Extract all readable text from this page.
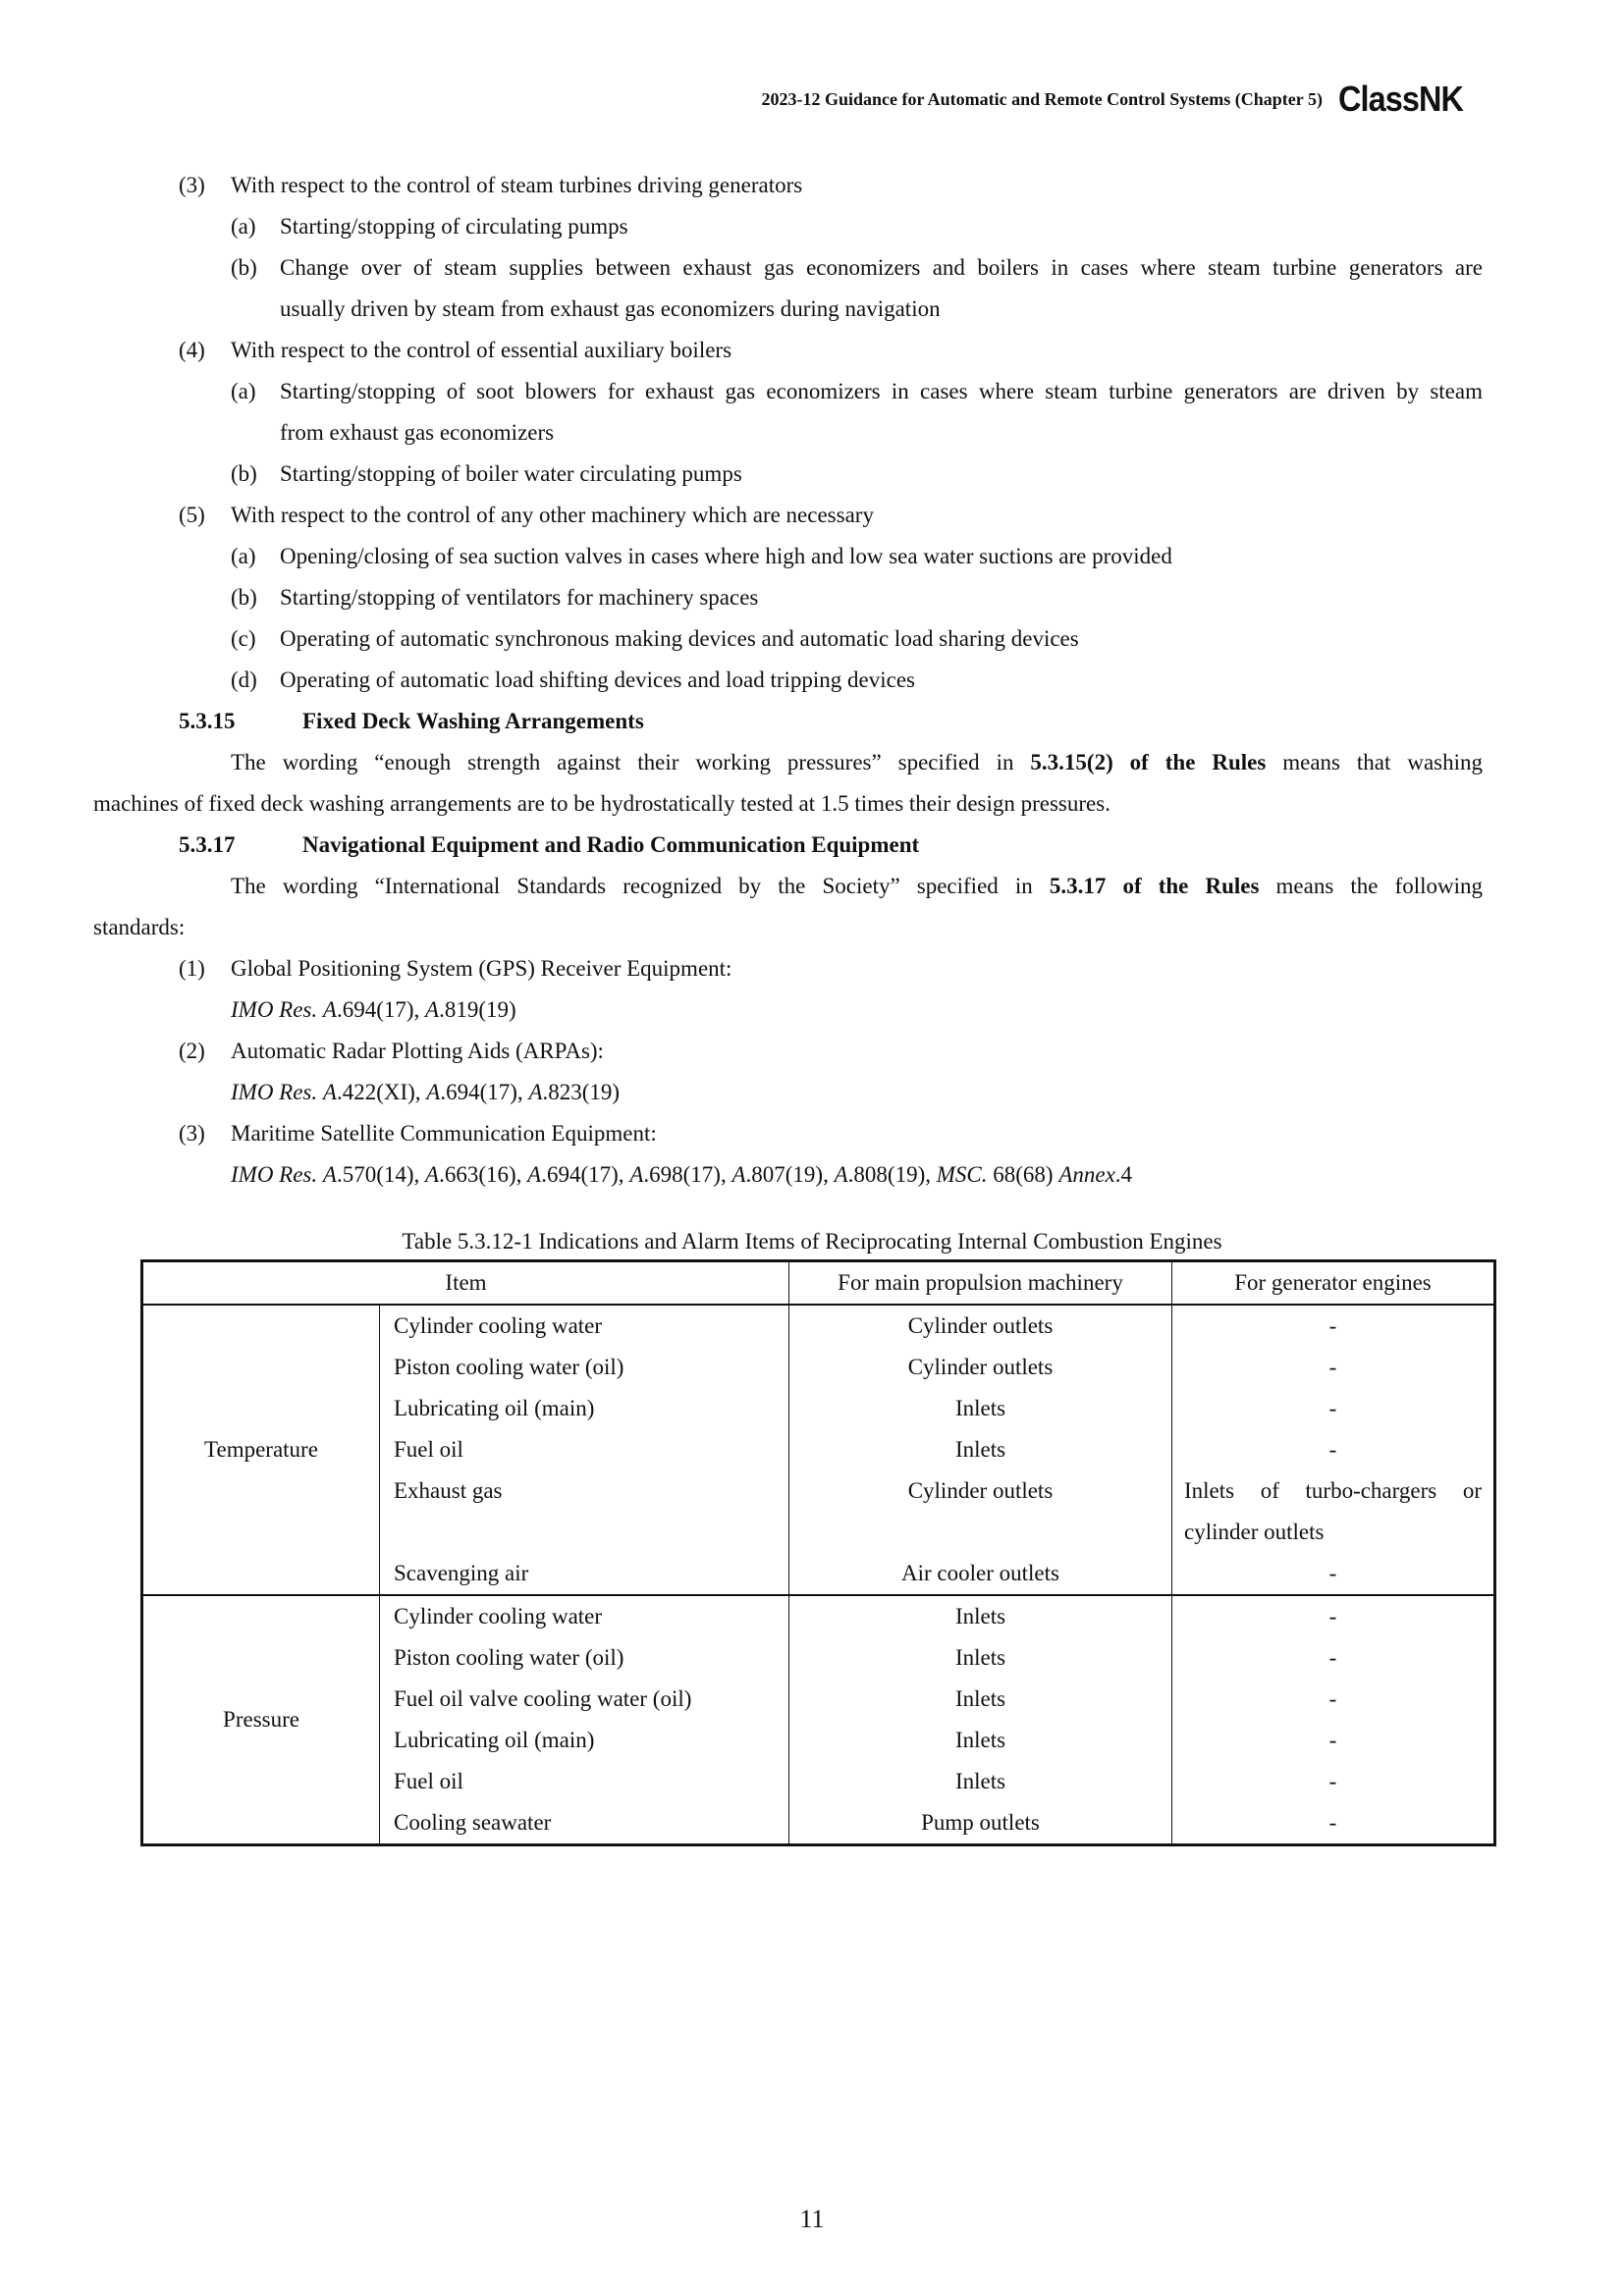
2023-12 Guidance for Automatic and Remote Control Systems (Chapter 5) ClassNK
(3) With respect to the control of steam turbines driving generators
(a) Starting/stopping of circulating pumps
(b) Change over of steam supplies between exhaust gas economizers and boilers in cases where steam turbine generators are
usually driven by steam from exhaust gas economizers during navigation
(4) With respect to the control of essential auxiliary boilers
(a) Starting/stopping of soot blowers for exhaust gas economizers in cases where steam turbine generators are driven by steam
from exhaust gas economizers
(b) Starting/stopping of boiler water circulating pumps
(5) With respect to the control of any other machinery which are necessary
(a) Opening/closing of sea suction valves in cases where high and low sea water suctions are provided
(b) Starting/stopping of ventilators for machinery spaces
(c) Operating of automatic synchronous making devices and automatic load sharing devices
(d) Operating of automatic load shifting devices and load tripping devices
5.3.15	Fixed Deck Washing Arrangements
The wording “enough strength against their working pressures” specified in 5.3.15(2) of the Rules means that washing
machines of fixed deck washing arrangements are to be hydrostatically tested at 1.5 times their design pressures.
5.3.17	Navigational Equipment and Radio Communication Equipment
The wording “International Standards recognized by the Society” specified in 5.3.17 of the Rules means the following
standards:
(1) Global Positioning System (GPS) Receiver Equipment:
IMO Res. A.694(17), A.819(19)
(2) Automatic Radar Plotting Aids (ARPAs):
IMO Res. A.422(XI), A.694(17), A.823(19)
(3) Maritime Satellite Communication Equipment:
IMO Res. A.570(14), A.663(16), A.694(17), A.698(17), A.807(19), A.808(19), MSC. 68(68) Annex.4
Table 5.3.12-1 Indications and Alarm Items of Reciprocating Internal Combustion Engines
Item		For main propulsion machinery	For generator engines
Temperature	Cylinder cooling water	Cylinder outlets	-
	Piston cooling water (oil)	Cylinder outlets	-
	Lubricating oil (main)	Inlets	-
	Fuel oil	Inlets	-
	Exhaust gas	Cylinder outlets	Inlets of turbo-chargers or
			cylinder outlets
	Scavenging air	Air cooler outlets	-
Pressure	Cylinder cooling water	Inlets	-
	Piston cooling water (oil)	Inlets	-
	Fuel oil valve cooling water (oil)	Inlets	-
	Lubricating oil (main)	Inlets	-
	Fuel oil	Inlets	-
	Cooling seawater	Pump outlets	-
11
